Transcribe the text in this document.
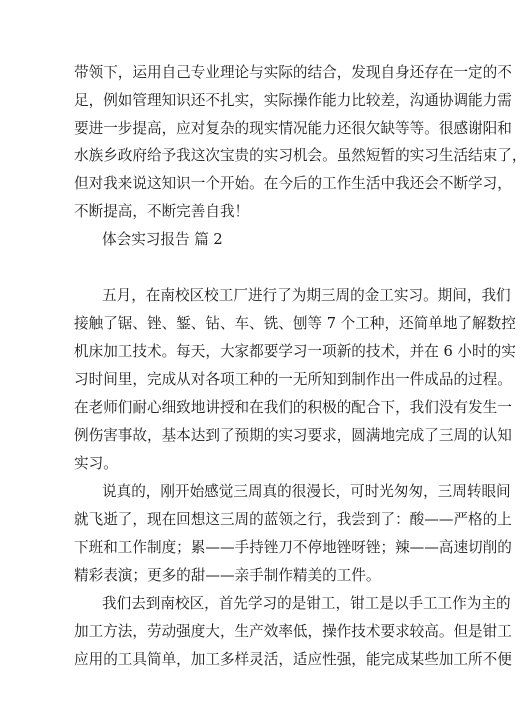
带领下，运用自己专业理论与实际的结合，发现自身还存在一定的不
足，例如管理知识还不扎实，实际操作能力比较差，沟通协调能力需
要进一步提高，应对复杂的现实情况能力还很欠缺等等。很感谢阳和
水族乡政府给予我这次宝贵的实习机会。虽然短暂的实习生活结束了，
但对我来说这知识一个开始。在今后的工作生活中我还会不断学习，
不断提高，不断完善自我！
体会实习报告 篇 2
五月，在南校区校工厂进行了为期三周的金工实习。期间，我们
接触了锯、锉、錾、钻、车、铣、刨等 7 个工种，还简单地了解数控
机床加工技术。每天，大家都要学习一项新的技术，并在 6 小时的实
习时间里，完成从对各项工种的一无所知到制作出一件成品的过程。
在老师们耐心细致地讲授和在我们的积极的配合下，我们没有发生一
例伤害事故，基本达到了预期的实习要求，圆满地完成了三周的认知
实习。
说真的，刚开始感觉三周真的很漫长，可时光匆匆，三周转眼间
就飞逝了，现在回想这三周的蓝领之行，我尝到了：酸——严格的上
下班和工作制度；累——手持锉刀不停地锉呀锉；辣——高速切削的
精彩表演；更多的甜——亲手制作精美的工件。
我们去到南校区，首先学习的是钳工，钳工是以手工工作为主的
加工方法，劳动强度大，生产效率低，操作技术要求较高。但是钳工
应用的工具简单，加工多样灵活，适应性强，能完成某些加工所不便
